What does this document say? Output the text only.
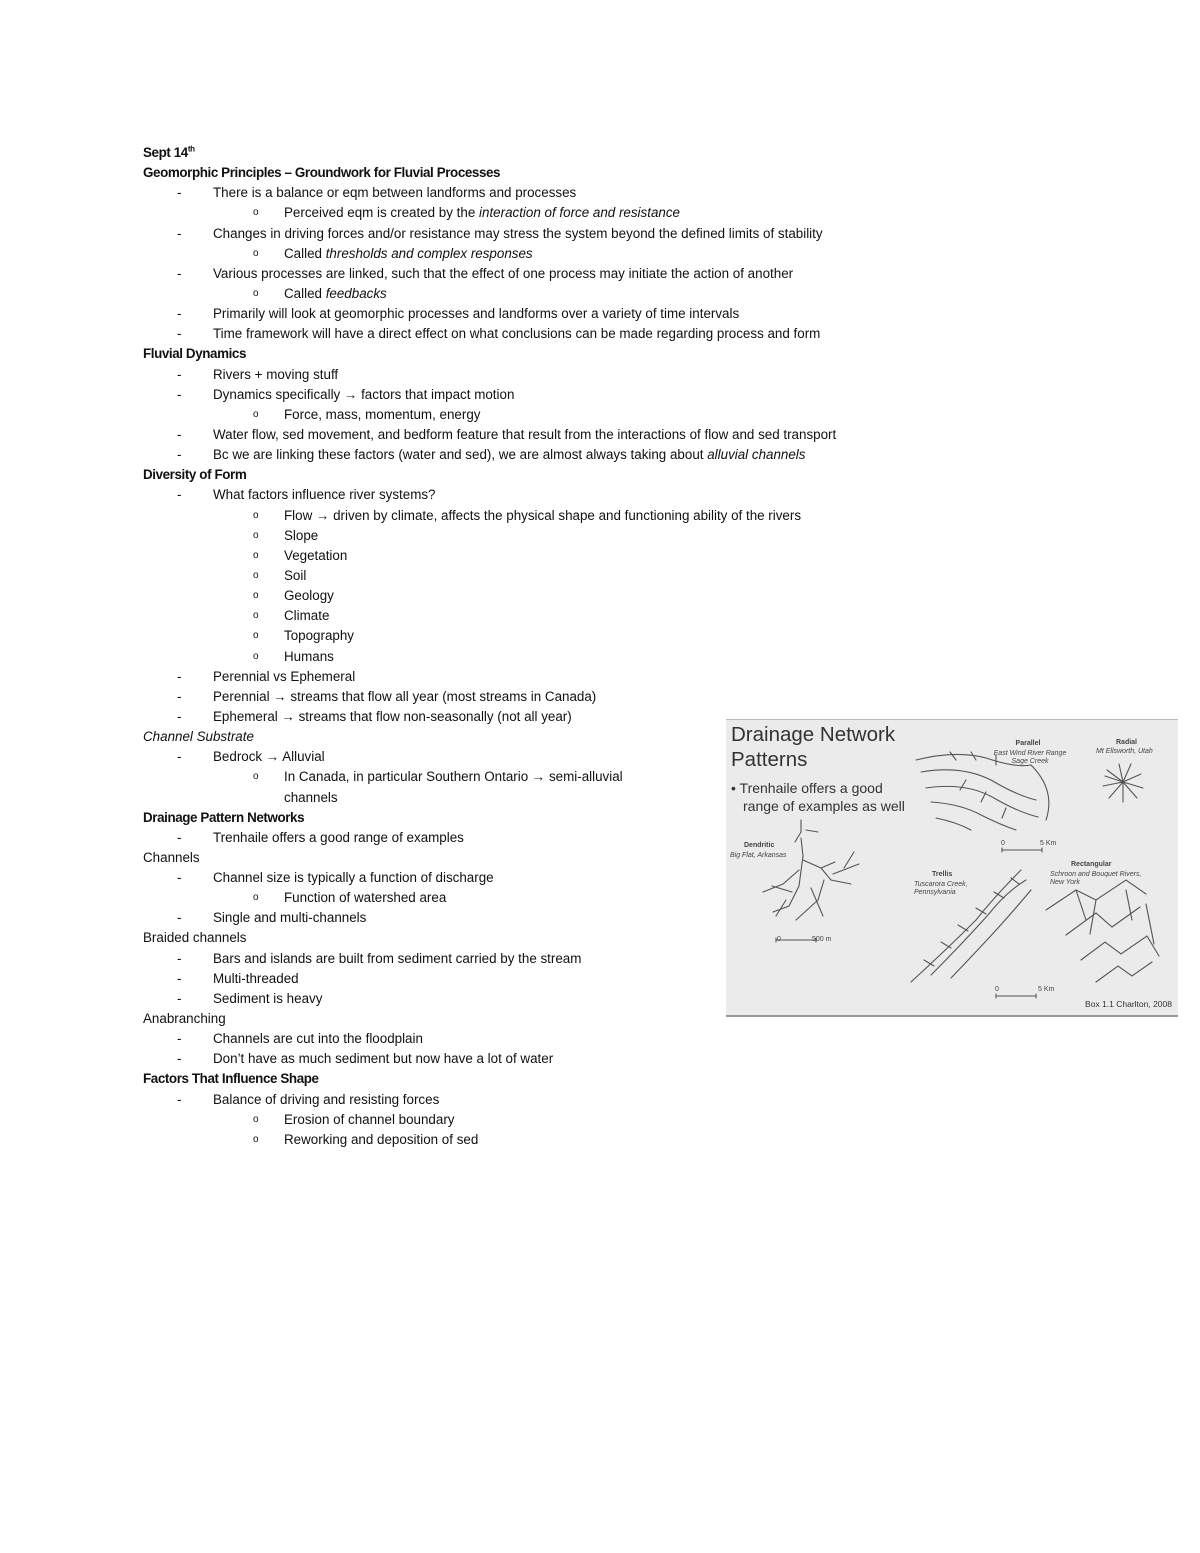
Sept 14th
Geomorphic Principles – Groundwork for Fluvial Processes
- There is a balance or eqm between landforms and processes
o
Perceived eqm is created by the interaction of force and resistance
- Changes in driving forces and/or resistance may stress the system beyond the defined limits of stability
o
Called thresholds and complex responses
- Various processes are linked, such that the effect of one process may initiate the action of another
o
Called feedbacks
- Primarily will look at geomorphic processes and landforms over a variety of time intervals
- Time framework will have a direct effect on what conclusions can be made regarding process and form
Fluvial Dynamics
- Rivers + moving stuff
- Dynamics specifically → factors that impact motion
o
Force, mass, momentum, energy
- Water flow, sed movement, and bedform feature that result from the interactions of flow and sed transport
- Bc we are linking these factors (water and sed), we are almost always taking about alluvial channels
Diversity of Form
- What factors influence river systems?
o
Flow → driven by climate, affects the physical shape and functioning ability of the rivers
o
Slope
o
Vegetation
o
Soil
o
Geology
o
Climate
o
Topography
o
Humans
- Perennial vs Ephemeral
- Perennial → streams that flow all year (most streams in Canada)
- Ephemeral → streams that flow non-seasonally (not all year)
Channel Substrate
- Bedrock → Alluvial
o
In Canada, in particular Southern Ontario → semi-alluvial
channels
Drainage Pattern Networks
- Trenhaile offers a good range of examples
Channels
- Channel size is typically a function of discharge
o
Function of watershed area
- Single and multi-channels
Braided channels
- Bars and islands are built from sediment carried by the stream
- Multi-threaded
- Sediment is heavy
Anabranching
- Channels are cut into the floodplain
- Don’t have as much sediment but now have a lot of water
Factors That Influence Shape
- Balance of driving and resisting forces
o
Erosion of channel boundary
o
Reworking and deposition of sed
Drainage Network
Patterns
• Trenhaile offers a good
range of examples as well
Parallel
East Wind River Range
Sage Creek
Radial
Mt Ellsworth, Utah
Dendritic
Big Flat, Arkansas
Trellis
Tuscarora Creek,
Pennsylvania
Rectangular
Schroon and Bouquet Rivers,
New York
0	5 Km
0	500 m
0	5 Km
Box 1.1 Charlton, 2008
